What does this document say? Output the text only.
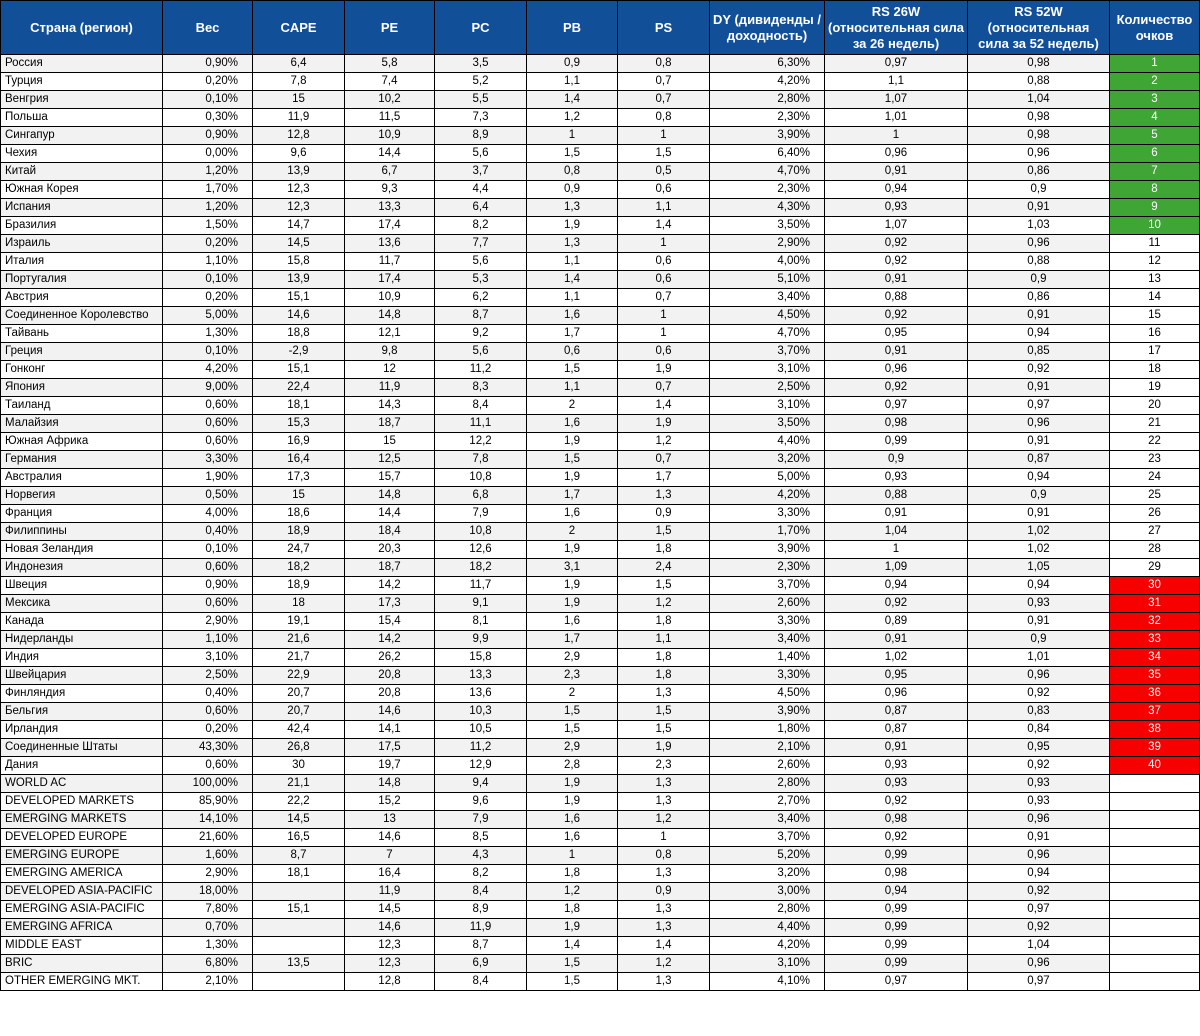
Страна (регион)	Вес	CAPE	PE	PC	PB	PS	DY (дивиденды / доходность)	RS 26W (относительная сила за 26 недель)	RS 52W (относительная сила за 52 недель)	Количество очков
Россия	0,90%	6,4	5,8	3,5	0,9	0,8	6,30%	0,97	0,98	1
Турция	0,20%	7,8	7,4	5,2	1,1	0,7	4,20%	1,1	0,88	2
Венгрия	0,10%	15	10,2	5,5	1,4	0,7	2,80%	1,07	1,04	3
Польша	0,30%	11,9	11,5	7,3	1,2	0,8	2,30%	1,01	0,98	4
Сингапур	0,90%	12,8	10,9	8,9	1	1	3,90%	1	0,98	5
Чехия	0,00%	9,6	14,4	5,6	1,5	1,5	6,40%	0,96	0,96	6
Китай	1,20%	13,9	6,7	3,7	0,8	0,5	4,70%	0,91	0,86	7
Южная Корея	1,70%	12,3	9,3	4,4	0,9	0,6	2,30%	0,94	0,9	8
Испания	1,20%	12,3	13,3	6,4	1,3	1,1	4,30%	0,93	0,91	9
Бразилия	1,50%	14,7	17,4	8,2	1,9	1,4	3,50%	1,07	1,03	10
Израиль	0,20%	14,5	13,6	7,7	1,3	1	2,90%	0,92	0,96	11
Италия	1,10%	15,8	11,7	5,6	1,1	0,6	4,00%	0,92	0,88	12
Португалия	0,10%	13,9	17,4	5,3	1,4	0,6	5,10%	0,91	0,9	13
Австрия	0,20%	15,1	10,9	6,2	1,1	0,7	3,40%	0,88	0,86	14
Соединенное Королевство	5,00%	14,6	14,8	8,7	1,6	1	4,50%	0,92	0,91	15
Тайвань	1,30%	18,8	12,1	9,2	1,7	1	4,70%	0,95	0,94	16
Греция	0,10%	-2,9	9,8	5,6	0,6	0,6	3,70%	0,91	0,85	17
Гонконг	4,20%	15,1	12	11,2	1,5	1,9	3,10%	0,96	0,92	18
Япония	9,00%	22,4	11,9	8,3	1,1	0,7	2,50%	0,92	0,91	19
Таиланд	0,60%	18,1	14,3	8,4	2	1,4	3,10%	0,97	0,97	20
Малайзия	0,60%	15,3	18,7	11,1	1,6	1,9	3,50%	0,98	0,96	21
Южная Африка	0,60%	16,9	15	12,2	1,9	1,2	4,40%	0,99	0,91	22
Германия	3,30%	16,4	12,5	7,8	1,5	0,7	3,20%	0,9	0,87	23
Австралия	1,90%	17,3	15,7	10,8	1,9	1,7	5,00%	0,93	0,94	24
Норвегия	0,50%	15	14,8	6,8	1,7	1,3	4,20%	0,88	0,9	25
Франция	4,00%	18,6	14,4	7,9	1,6	0,9	3,30%	0,91	0,91	26
Филиппины	0,40%	18,9	18,4	10,8	2	1,5	1,70%	1,04	1,02	27
Новая Зеландия	0,10%	24,7	20,3	12,6	1,9	1,8	3,90%	1	1,02	28
Индонезия	0,60%	18,2	18,7	18,2	3,1	2,4	2,30%	1,09	1,05	29
Швеция	0,90%	18,9	14,2	11,7	1,9	1,5	3,70%	0,94	0,94	30
Мексика	0,60%	18	17,3	9,1	1,9	1,2	2,60%	0,92	0,93	31
Канада	2,90%	19,1	15,4	8,1	1,6	1,8	3,30%	0,89	0,91	32
Нидерланды	1,10%	21,6	14,2	9,9	1,7	1,1	3,40%	0,91	0,9	33
Индия	3,10%	21,7	26,2	15,8	2,9	1,8	1,40%	1,02	1,01	34
Швейцария	2,50%	22,9	20,8	13,3	2,3	1,8	3,30%	0,95	0,96	35
Финляндия	0,40%	20,7	20,8	13,6	2	1,3	4,50%	0,96	0,92	36
Бельгия	0,60%	20,7	14,6	10,3	1,5	1,5	3,90%	0,87	0,83	37
Ирландия	0,20%	42,4	14,1	10,5	1,5	1,5	1,80%	0,87	0,84	38
Соединенные Штаты	43,30%	26,8	17,5	11,2	2,9	1,9	2,10%	0,91	0,95	39
Дания	0,60%	30	19,7	12,9	2,8	2,3	2,60%	0,93	0,92	40
WORLD AC	100,00%	21,1	14,8	9,4	1,9	1,3	2,80%	0,93	0,93	
DEVELOPED MARKETS	85,90%	22,2	15,2	9,6	1,9	1,3	2,70%	0,92	0,93	
EMERGING MARKETS	14,10%	14,5	13	7,9	1,6	1,2	3,40%	0,98	0,96	
DEVELOPED EUROPE	21,60%	16,5	14,6	8,5	1,6	1	3,70%	0,92	0,91	
EMERGING EUROPE	1,60%	8,7	7	4,3	1	0,8	5,20%	0,99	0,96	
EMERGING AMERICA	2,90%	18,1	16,4	8,2	1,8	1,3	3,20%	0,98	0,94	
DEVELOPED ASIA-PACIFIC	18,00%		11,9	8,4	1,2	0,9	3,00%	0,94	0,92	
EMERGING ASIA-PACIFIC	7,80%	15,1	14,5	8,9	1,8	1,3	2,80%	0,99	0,97	
EMERGING AFRICA	0,70%		14,6	11,9	1,9	1,3	4,40%	0,99	0,92	
MIDDLE EAST	1,30%		12,3	8,7	1,4	1,4	4,20%	0,99	1,04	
BRIC	6,80%	13,5	12,3	6,9	1,5	1,2	3,10%	0,99	0,96	
OTHER EMERGING MKT.	2,10%		12,8	8,4	1,5	1,3	4,10%	0,97	0,97	
